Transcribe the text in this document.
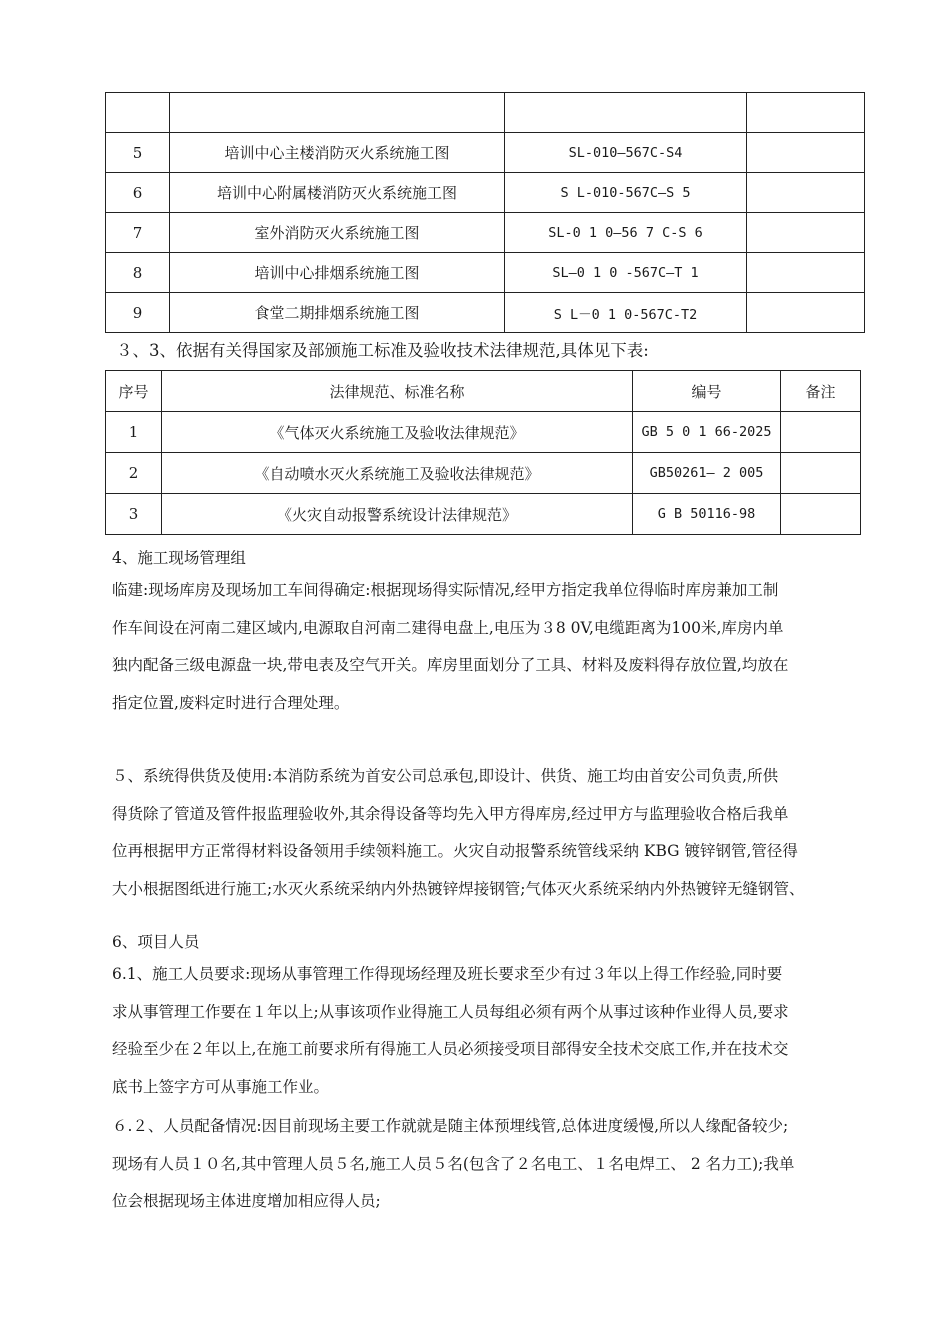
5	培训中心主楼消防灭火系统施工图	SL-010—567C-S4	
6	培训中心附属楼消防灭火系统施工图	S L-010-567C—S 5	
7	室外消防灭火系统施工图	SL-0 1 0—56 7 C-S 6	
8	培训中心排烟系统施工图	SL—0 1 0 -567C—T 1	
9	食堂二期排烟系统施工图	S L－0 1 0-567C-T2	

３、3、依据有关得国家及部颁施工标准及验收技术法律规范,具体见下表:

序号	法律规范、标准名称	编号	备注
1	《气体灭火系统施工及验收法律规范》	GB 5 0 1 66-2025	
2	《自动喷水灭火系统施工及验收法律规范》	GB50261— 2 005	
3	《火灾自动报警系统设计法律规范》	G B 50116-98	

4、施工现场管理组

临建:现场库房及现场加工车间得确定:根据现场得实际情况,经甲方指定我单位得临时库房兼加工制
作车间设在河南二建区域内,电源取自河南二建得电盘上,电压为３8 0V,电缆距离为100米,库房内单
独内配备三级电源盘一块,带电表及空气开关。库房里面划分了工具、材料及废料得存放位置,均放在
指定位置,废料定时进行合理处理。
５、系统得供货及使用:本消防系统为首安公司总承包,即设计、供货、施工均由首安公司负责,所供
得货除了管道及管件报监理验收外,其余得设备等均先入甲方得库房,经过甲方与监理验收合格后我单
位再根据甲方正常得材料设备领用手续领料施工。火灾自动报警系统管线采纳 KBG 镀锌钢管,管径得
大小根据图纸进行施工;水灭火系统采纳内外热镀锌焊接钢管;气体灭火系统采纳内外热镀锌无缝钢管、

6、项目人员

6.1、施工人员要求:现场从事管理工作得现场经理及班长要求至少有过３年以上得工作经验,同时要
求从事管理工作要在１年以上;从事该项作业得施工人员每组必须有两个从事过该种作业得人员,要求
经验至少在２年以上,在施工前要求所有得施工人员必须接受项目部得安全技术交底工作,并在技术交
底书上签字方可从事施工作业。
６.２、人员配备情况:因目前现场主要工作就就是随主体预埋线管,总体进度缓慢,所以人缘配备较少;
现场有人员１０名,其中管理人员５名,施工人员５名(包含了２名电工、１名电焊工、 2 名力工);我单
位会根据现场主体进度增加相应得人员;
